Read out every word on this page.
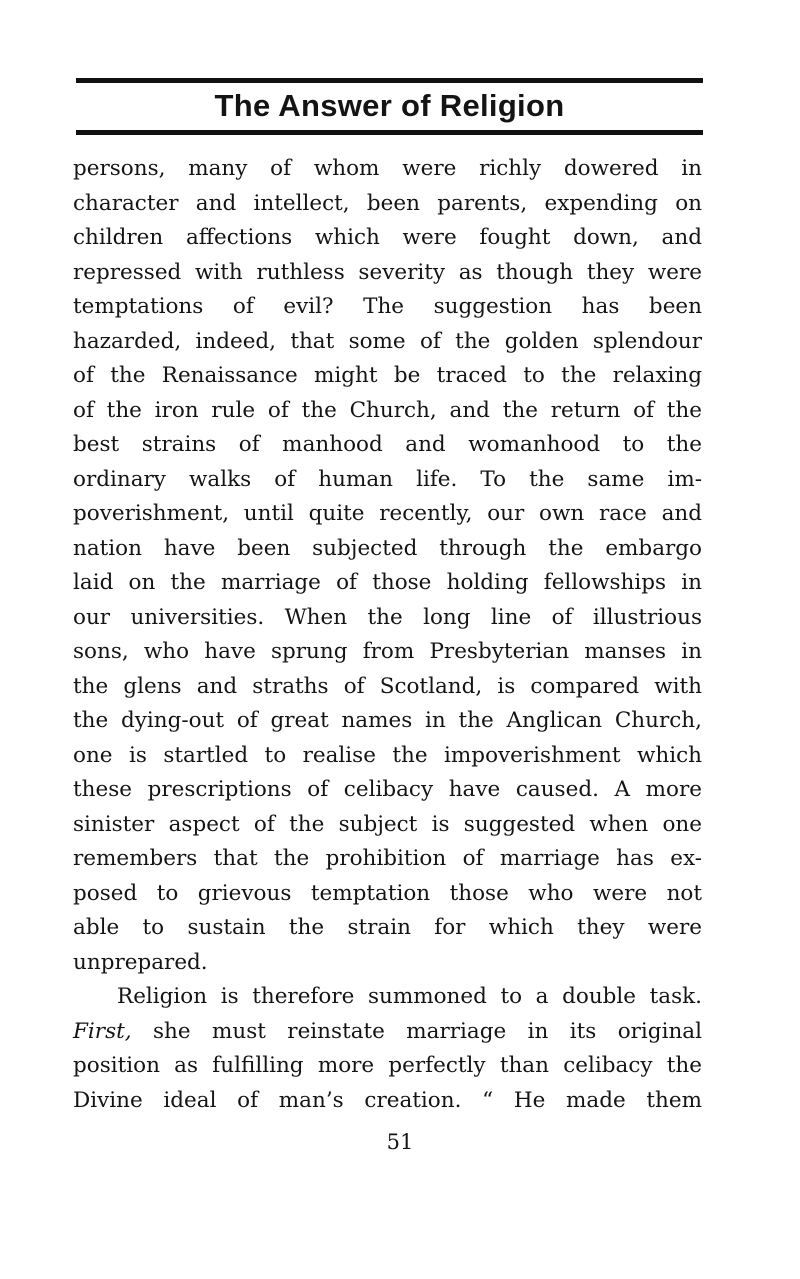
The Answer of Religion
persons, many of whom were richly dowered in
character and intellect, been parents, expending on
children affections which were fought down, and
repressed with ruthless severity as though they were
temptations of evil? The suggestion has been
hazarded, indeed, that some of the golden splendour
of the Renaissance might be traced to the relaxing
of the iron rule of the Church, and the return of the
best strains of manhood and womanhood to the
ordinary walks of human life. To the same im-
poverishment, until quite recently, our own race and
nation have been subjected through the embargo
laid on the marriage of those holding fellowships in
our universities. When the long line of illustrious
sons, who have sprung from Presbyterian manses in
the glens and straths of Scotland, is compared with
the dying-out of great names in the Anglican Church,
one is startled to realise the impoverishment which
these prescriptions of celibacy have caused. A more
sinister aspect of the subject is suggested when one
remembers that the prohibition of marriage has ex-
posed to grievous temptation those who were not
able to sustain the strain for which they were
unprepared.
Religion is therefore summoned to a double task.
First, she must reinstate marriage in its original
position as fulfilling more perfectly than celibacy the
Divine ideal of man’s creation. “ He made them
51
